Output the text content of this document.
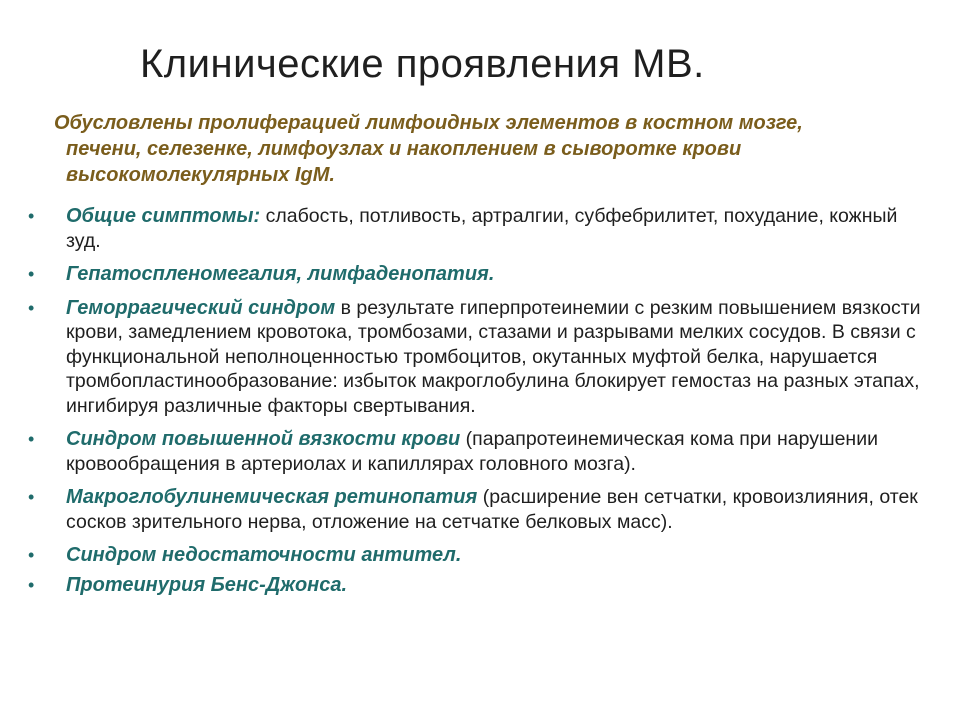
Клинические проявления МВ.
Обусловлены пролиферацией лимфоидных элементов в костном мозге,
печени, селезенке, лимфоузлах и накоплением в сыворотке крови
высокомолекулярных IgM.
•	Общие симптомы: слабость, потливость, артралгии, субфебрилитет, похудание, кожный зуд.
•	Гепатоспленомегалия, лимфаденопатия.
•	Геморрагический синдром в результате гиперпротеинемии с резким повышением вязкости крови, замедлением кровотока, тромбозами, стазами и разрывами мелких сосудов. В связи с функциональной неполноценностью тромбоцитов, окутанных муфтой белка, нарушается тромбопластинообразование: избыток макроглобулина блокирует гемостаз на разных этапах, ингибируя различные факторы свертывания.
•	Синдром повышенной вязкости крови (парапротеинемическая кома при нарушении кровообращения в артериолах и капиллярах головного мозга).
•	Макроглобулинемическая ретинопатия (расширение вен сетчатки, кровоизлияния, отек сосков зрительного нерва, отложение на сетчатке белковых масс).
•	Синдром недостаточности антител.
•	Протеинурия Бенс-Джонса.
